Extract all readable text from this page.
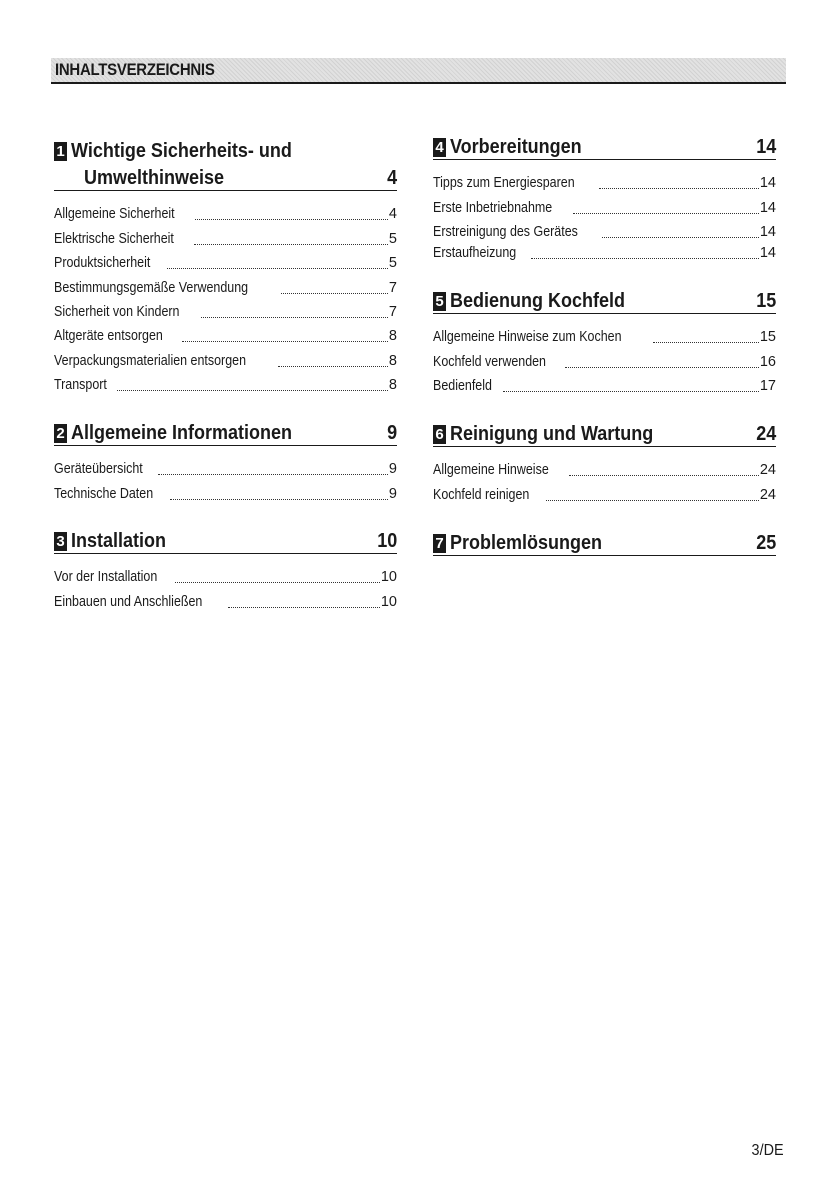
INHALTSVERZEICHNIS
1 Wichtige Sicherheits- und
Umwelthinweise	4
Allgemeine Sicherheit	4
Elektrische Sicherheit	5
Produktsicherheit	5
Bestimmungsgemäße Verwendung	7
Sicherheit von Kindern	7
Altgeräte entsorgen	8
Verpackungsmaterialien entsorgen	8
Transport	8
2 Allgemeine Informationen	9
Geräteübersicht	9
Technische Daten	9
3 Installation	10
Vor der Installation	10
Einbauen und Anschließen	10
4 Vorbereitungen	14
Tipps zum Energiesparen	14
Erste Inbetriebnahme	14
Erstreinigung des Gerätes	14
Erstaufheizung	14
5 Bedienung Kochfeld	15
Allgemeine Hinweise zum Kochen	15
Kochfeld verwenden	16
Bedienfeld	17
6 Reinigung und Wartung	24
Allgemeine Hinweise	24
Kochfeld reinigen	24
7 Problemlösungen	25
3/DE
